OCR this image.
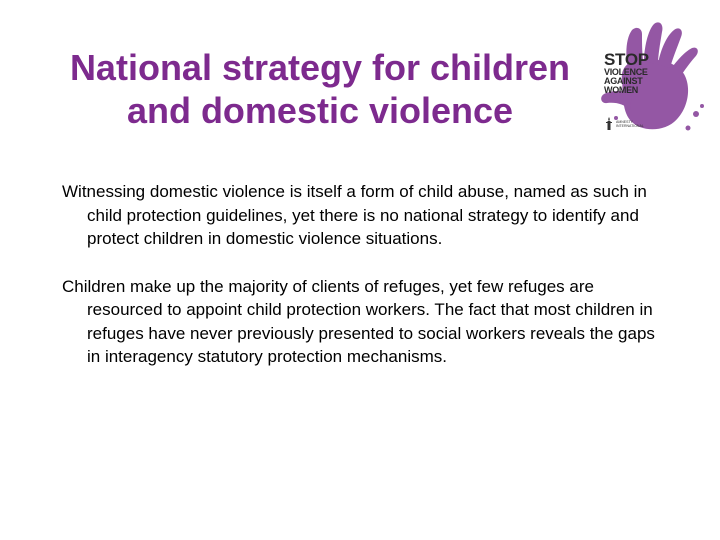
National strategy for children
and domestic violence
STOP
VIOLENCE
AGAINST
WOMEN
AMNESTY
INTERNATIONAL

Witnessing domestic violence is itself a form of child abuse, named as such in child protection guidelines, yet there is no national strategy to identify and protect children in domestic violence situations.

Children make up the majority of clients of refuges, yet few refuges are resourced to appoint child protection workers. The fact that most children in refuges have never previously presented to social workers reveals the gaps in interagency statutory protection mechanisms.
